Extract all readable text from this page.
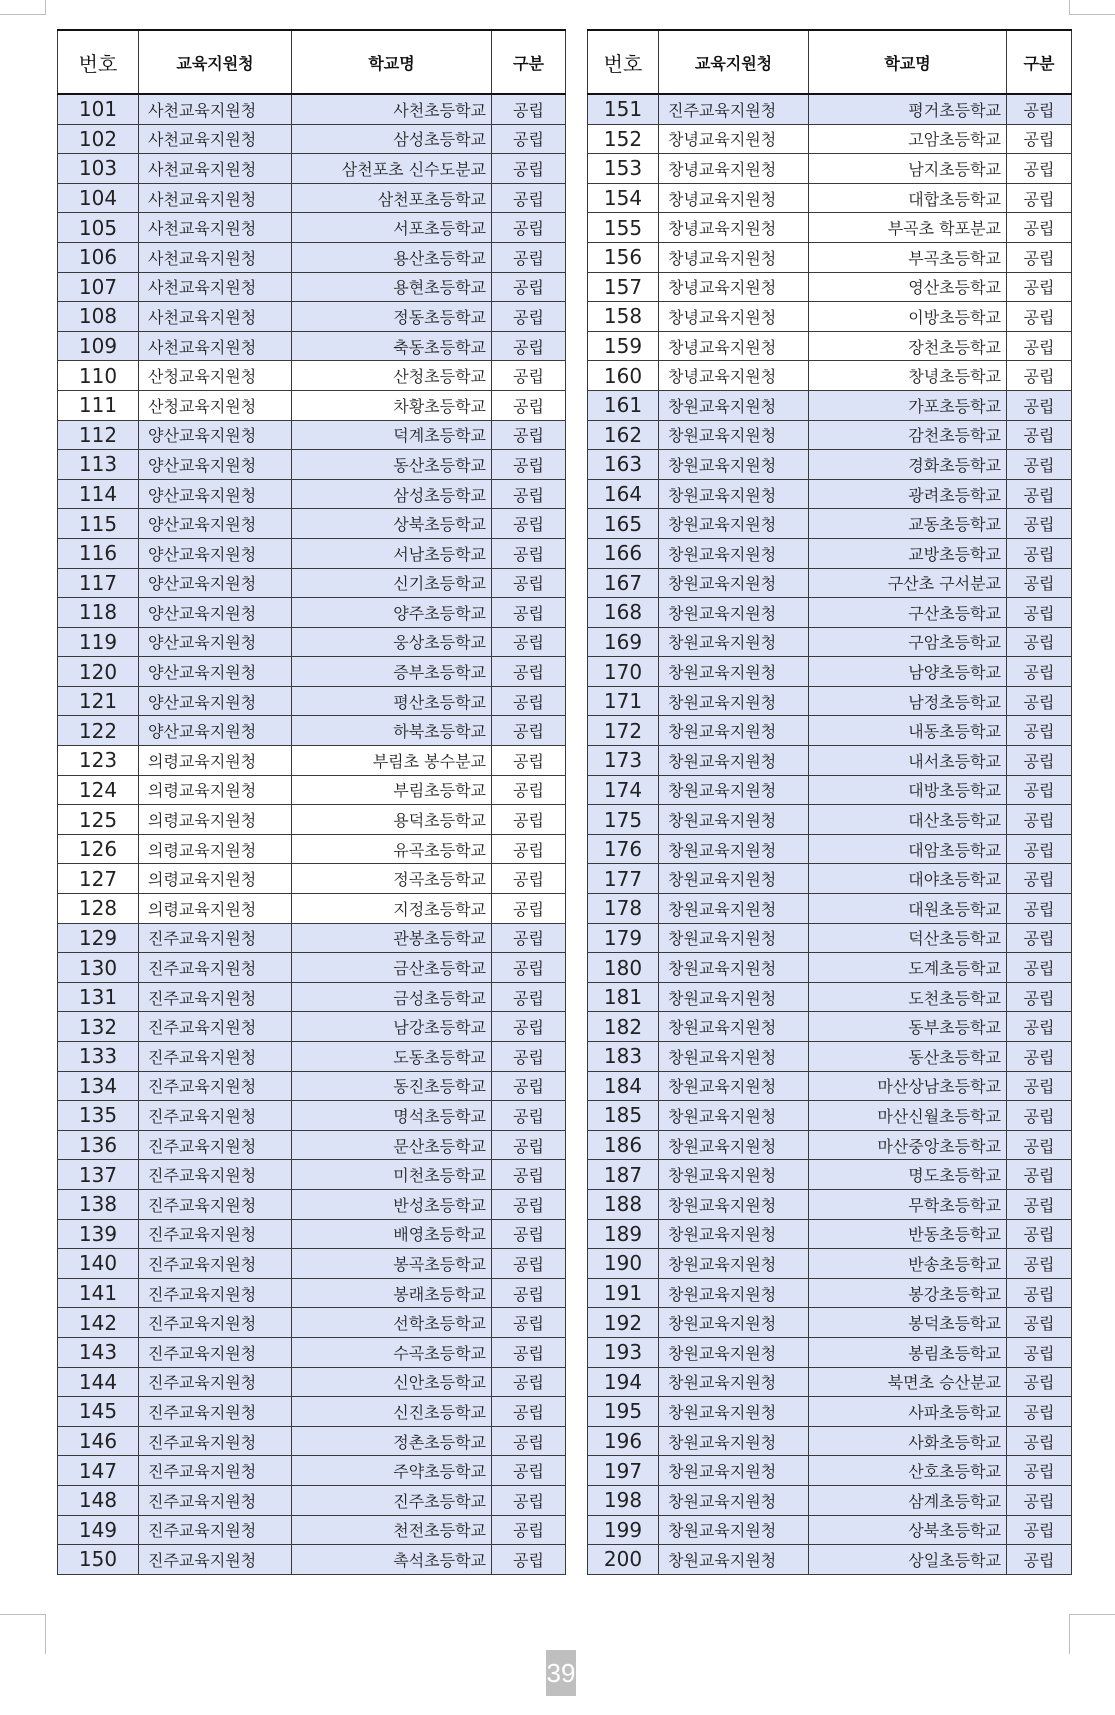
번호	교육지원청	학교명	구분
101	사천교육지원청	사천초등학교	공립
102	사천교육지원청	삼성초등학교	공립
103	사천교육지원청	삼천포초 신수도분교	공립
104	사천교육지원청	삼천포초등학교	공립
105	사천교육지원청	서포초등학교	공립
106	사천교육지원청	용산초등학교	공립
107	사천교육지원청	용현초등학교	공립
108	사천교육지원청	정동초등학교	공립
109	사천교육지원청	축동초등학교	공립
110	산청교육지원청	산청초등학교	공립
111	산청교육지원청	차황초등학교	공립
112	양산교육지원청	덕계초등학교	공립
113	양산교육지원청	동산초등학교	공립
114	양산교육지원청	삼성초등학교	공립
115	양산교육지원청	상북초등학교	공립
116	양산교육지원청	서남초등학교	공립
117	양산교육지원청	신기초등학교	공립
118	양산교육지원청	양주초등학교	공립
119	양산교육지원청	웅상초등학교	공립
120	양산교육지원청	증부초등학교	공립
121	양산교육지원청	평산초등학교	공립
122	양산교육지원청	하북초등학교	공립
123	의령교육지원청	부림초 봉수분교	공립
124	의령교육지원청	부림초등학교	공립
125	의령교육지원청	용덕초등학교	공립
126	의령교육지원청	유곡초등학교	공립
127	의령교육지원청	정곡초등학교	공립
128	의령교육지원청	지정초등학교	공립
129	진주교육지원청	관봉초등학교	공립
130	진주교육지원청	금산초등학교	공립
131	진주교육지원청	금성초등학교	공립
132	진주교육지원청	남강초등학교	공립
133	진주교육지원청	도동초등학교	공립
134	진주교육지원청	동진초등학교	공립
135	진주교육지원청	명석초등학교	공립
136	진주교육지원청	문산초등학교	공립
137	진주교육지원청	미천초등학교	공립
138	진주교육지원청	반성초등학교	공립
139	진주교육지원청	배영초등학교	공립
140	진주교육지원청	봉곡초등학교	공립
141	진주교육지원청	봉래초등학교	공립
142	진주교육지원청	선학초등학교	공립
143	진주교육지원청	수곡초등학교	공립
144	진주교육지원청	신안초등학교	공립
145	진주교육지원청	신진초등학교	공립
146	진주교육지원청	정촌초등학교	공립
147	진주교육지원청	주약초등학교	공립
148	진주교육지원청	진주초등학교	공립
149	진주교육지원청	천전초등학교	공립
150	진주교육지원청	촉석초등학교	공립
번호	교육지원청	학교명	구분
151	진주교육지원청	평거초등학교	공립
152	창녕교육지원청	고암초등학교	공립
153	창녕교육지원청	남지초등학교	공립
154	창녕교육지원청	대합초등학교	공립
155	창녕교육지원청	부곡초 학포분교	공립
156	창녕교육지원청	부곡초등학교	공립
157	창녕교육지원청	영산초등학교	공립
158	창녕교육지원청	이방초등학교	공립
159	창녕교육지원청	장천초등학교	공립
160	창녕교육지원청	창녕초등학교	공립
161	창원교육지원청	가포초등학교	공립
162	창원교육지원청	감천초등학교	공립
163	창원교육지원청	경화초등학교	공립
164	창원교육지원청	광려초등학교	공립
165	창원교육지원청	교동초등학교	공립
166	창원교육지원청	교방초등학교	공립
167	창원교육지원청	구산초 구서분교	공립
168	창원교육지원청	구산초등학교	공립
169	창원교육지원청	구암초등학교	공립
170	창원교육지원청	남양초등학교	공립
171	창원교육지원청	남정초등학교	공립
172	창원교육지원청	내동초등학교	공립
173	창원교육지원청	내서초등학교	공립
174	창원교육지원청	대방초등학교	공립
175	창원교육지원청	대산초등학교	공립
176	창원교육지원청	대암초등학교	공립
177	창원교육지원청	대야초등학교	공립
178	창원교육지원청	대원초등학교	공립
179	창원교육지원청	덕산초등학교	공립
180	창원교육지원청	도계초등학교	공립
181	창원교육지원청	도천초등학교	공립
182	창원교육지원청	동부초등학교	공립
183	창원교육지원청	동산초등학교	공립
184	창원교육지원청	마산상남초등학교	공립
185	창원교육지원청	마산신월초등학교	공립
186	창원교육지원청	마산중앙초등학교	공립
187	창원교육지원청	명도초등학교	공립
188	창원교육지원청	무학초등학교	공립
189	창원교육지원청	반동초등학교	공립
190	창원교육지원청	반송초등학교	공립
191	창원교육지원청	봉강초등학교	공립
192	창원교육지원청	봉덕초등학교	공립
193	창원교육지원청	봉림초등학교	공립
194	창원교육지원청	북면초 승산분교	공립
195	창원교육지원청	사파초등학교	공립
196	창원교육지원청	사화초등학교	공립
197	창원교육지원청	산호초등학교	공립
198	창원교육지원청	삼계초등학교	공립
199	창원교육지원청	상북초등학교	공립
200	창원교육지원청	상일초등학교	공립
39
